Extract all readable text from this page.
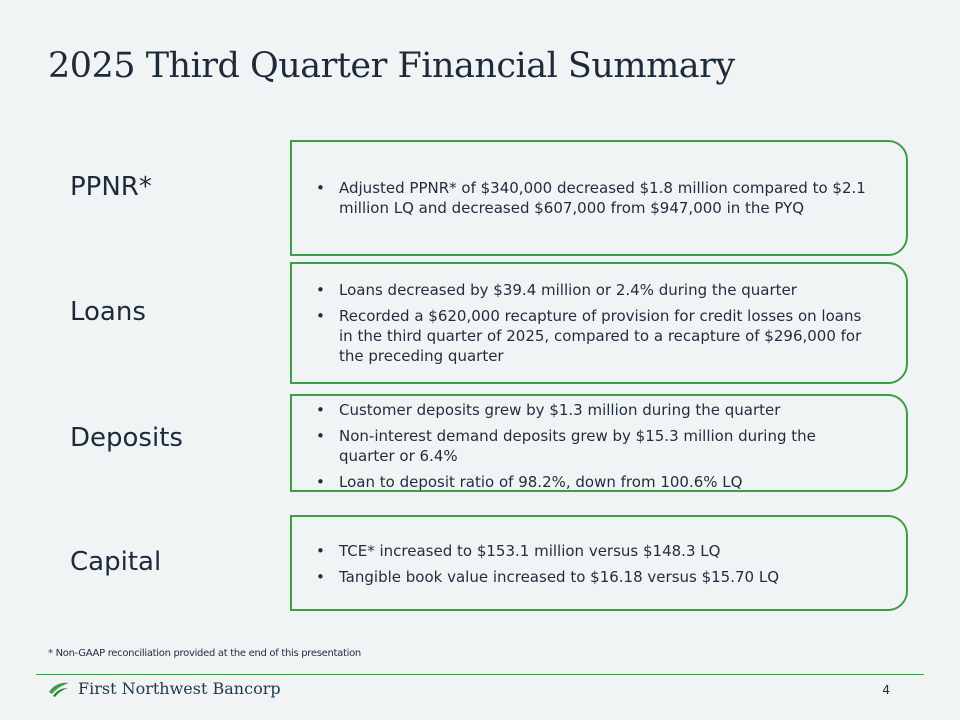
2025 Third Quarter Financial Summary
PPNR*	• Adjusted PPNR* of $340,000 decreased $1.8 million compared to $2.1 million LQ and decreased $607,000 from $947,000 in the PYQ
Loans
• Loans decreased by $39.4 million or 2.4% during the quarter
• Recorded a $620,000 recapture of provision for credit losses on loans in the third quarter of 2025, compared to a recapture of $296,000 for the preceding quarter
Deposits
• Customer deposits grew by $1.3 million during the quarter
• Non-interest demand deposits grew by $15.3 million during the quarter or 6.4%
• Loan to deposit ratio of 98.2%, down from 100.6% LQ
Capital	• TCE* increased to $153.1 million versus $148.3 LQ
• Tangible book value increased to $16.18 versus $15.70 LQ
* Non-GAAP reconciliation provided at the end of this presentation
First Northwest Bancorp	4
